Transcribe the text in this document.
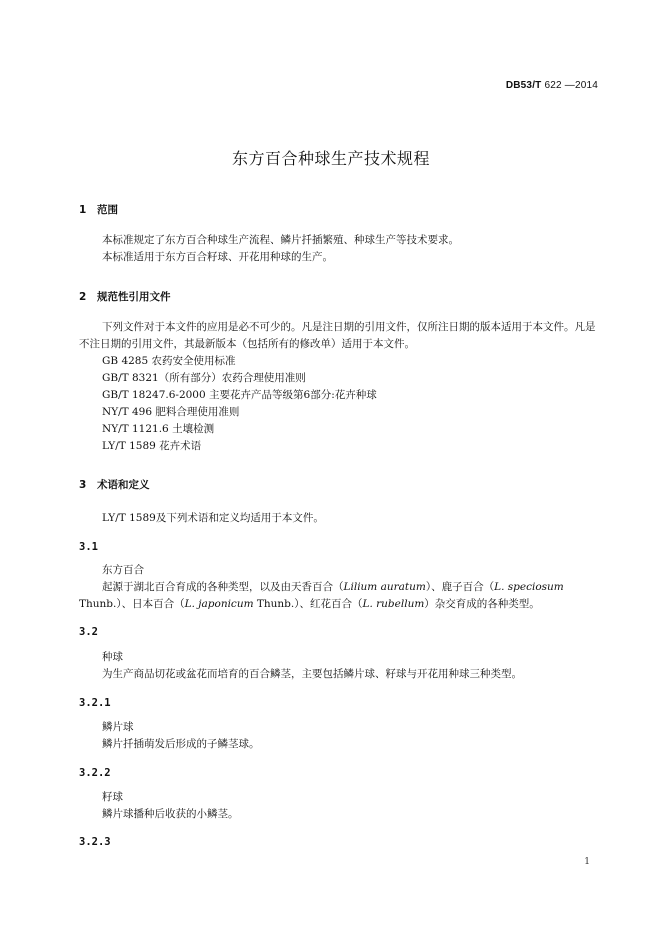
DB53/T 622 —2014
东方百合种球生产技术规程
1 范围
本标准规定了东方百合种球生产流程、鳞片扦插繁殖、种球生产等技术要求。
本标准适用于东方百合籽球、开花用种球的生产。
2 规范性引用文件
下列文件对于本文件的应用是必不可少的。凡是注日期的引用文件，仅所注日期的版本适用于本文件。凡是不注日期的引用文件，其最新版本（包括所有的修改单）适用于本文件。
GB 4285 农药安全使用标准
GB/T 8321（所有部分）农药合理使用准则
GB/T 18247.6-2000 主要花卉产品等级第6部分:花卉种球
NY/T 496 肥料合理使用准则
NY/T 1121.6 土壤检测
LY/T 1589 花卉术语
3 术语和定义
LY/T 1589及下列术语和定义均适用于本文件。
3.1
东方百合
起源于湖北百合育成的各种类型，以及由天香百合（Lilium auratum）、鹿子百合（L. speciosum Thunb.）、日本百合（L. japonicum Thunb.）、红花百合（L. rubellum）杂交育成的各种类型。
3.2
种球
为生产商品切花或盆花而培育的百合鳞茎，主要包括鳞片球、籽球与开花用种球三种类型。
3.2.1
鳞片球
鳞片扦插萌发后形成的子鳞茎球。
3.2.2
籽球
鳞片球播种后收获的小鳞茎。
3.2.3
1
